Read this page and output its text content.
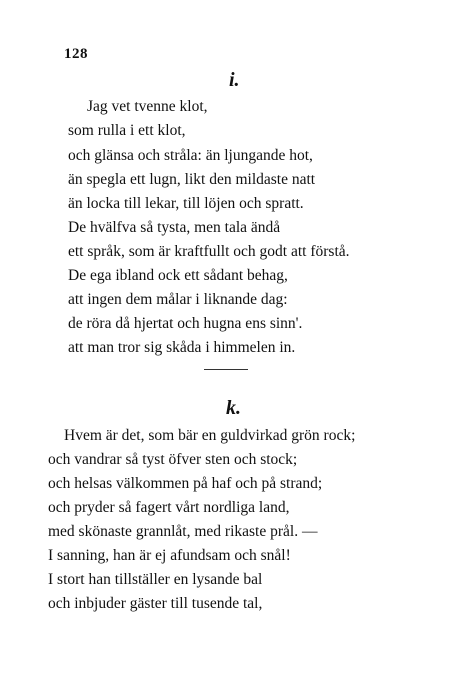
128
i.
Jag vet tvenne klot,
som rulla i ett klot,
och glänsa och stråla: än ljungande hot,
än spegla ett lugn, likt den mildaste natt
än locka till lekar, till löjen och spratt.
De hvälfva så tysta, men tala ändå
ett språk, som är kraftfullt och godt att förstå.
De ega ibland ock ett sådant behag,
att ingen dem målar i liknande dag:
de röra då hjertat och hugna ens sinn'.
att man tror sig skåda i himmelen in.
k.
Hvem är det, som bär en guldvirkad grön rock;
och vandrar så tyst öfver sten och stock;
och helsas välkommen på haf och på strand;
och pryder så fagert vårt nordliga land,
med skönaste grannlåt, med rikaste prål. —
I sanning, han är ej afundsam och snål!
I stort han tillställer en lysande bal
och inbjuder gäster till tusende tal,
